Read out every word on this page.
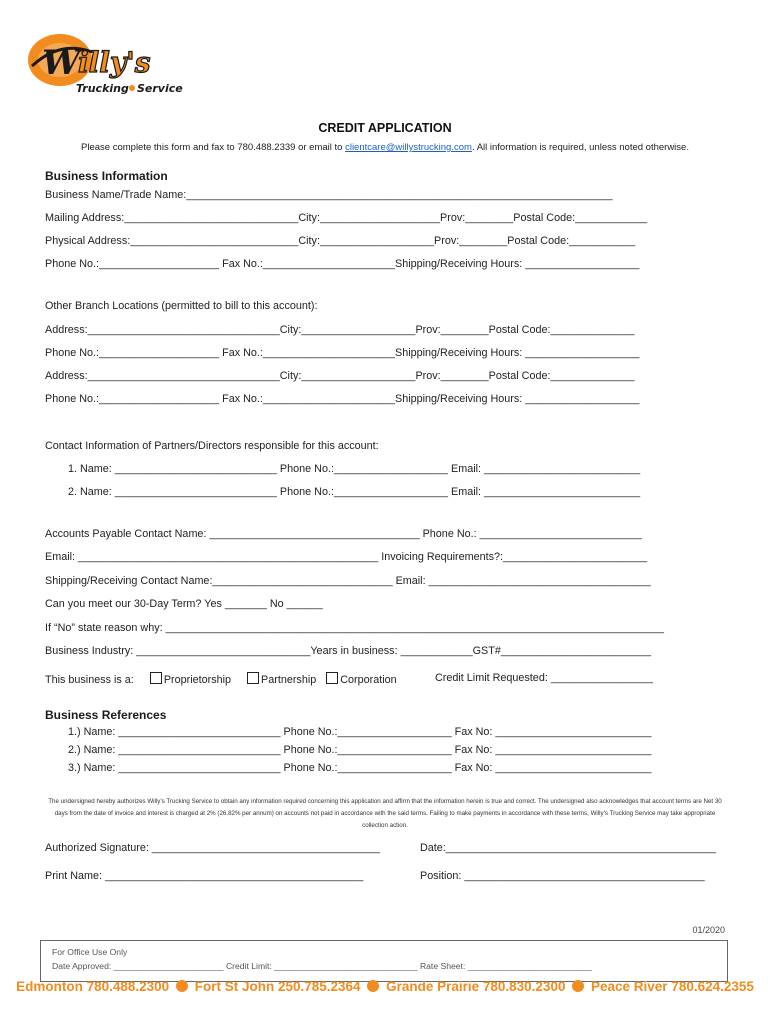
W
illy's
Trucking Service
CREDIT APPLICATION
Please complete this form and fax to 780.488.2339 or email to clientcare@willystrucking.com. All information is required, unless noted otherwise.
Business Information
Business Name/Trade Name:_______________________________________________________________________
Mailing Address:_____________________________City:____________________Prov:________Postal Code:____________
Physical Address:____________________________City:___________________Prov:________Postal Code:___________
Phone No.:____________________ Fax No.:______________________Shipping/Receiving Hours: ___________________
Other Branch Locations (permitted to bill to this account):
Address:________________________________City:___________________Prov:________Postal Code:______________
Phone No.:____________________ Fax No.:______________________Shipping/Receiving Hours: ___________________
Address:________________________________City:___________________Prov:________Postal Code:______________
Phone No.:____________________ Fax No.:______________________Shipping/Receiving Hours: ___________________
Contact Information of Partners/Directors responsible for this account:
1. Name: ___________________________ Phone No.:___________________ Email: __________________________
2. Name: ___________________________ Phone No.:___________________ Email: __________________________
Accounts Payable Contact Name: ___________________________________ Phone No.: ___________________________
Email: __________________________________________________ Invoicing Requirements?:________________________
Shipping/Receiving Contact Name:______________________________ Email: _____________________________________
Can you meet our 30-Day Term? Yes _______ No ______
If “No” state reason why: ___________________________________________________________________________________
Business Industry: _____________________________Years in business: ____________GST#_________________________
This business is a:	Proprietorship	Partnership Corporation	Credit Limit Requested: _________________
Business References
1.) Name: ___________________________ Phone No.:___________________ Fax No: __________________________
2.) Name: ___________________________ Phone No.:___________________ Fax No: __________________________
3.) Name: ___________________________ Phone No.:___________________ Fax No: __________________________
The undersigned hereby authorizes Willy’s Trucking Service to obtain any information required concerning this application and affirm that the information herein is true and correct. The undersigned also acknowledges that account terms are Net 30 days from the date of invoice and interest is charged at 2% (26.82% per annum) on accounts not paid in accordance with the said terms. Failing to make payments in accordance with these terms, Willy’s Trucking Service may take appropriate collection action.
Authorized Signature: ______________________________________	Date:_____________________________________________
Print Name: ___________________________________________	Position: ________________________________________
01/2020
For Office Use Only
Date Approved: _______________________ Credit Limit: ______________________________ Rate Sheet: __________________________
Edmonton 780.488.2300 Fort St John 250.785.2364 Grande Prairie 780.830.2300 Peace River 780.624.2355
